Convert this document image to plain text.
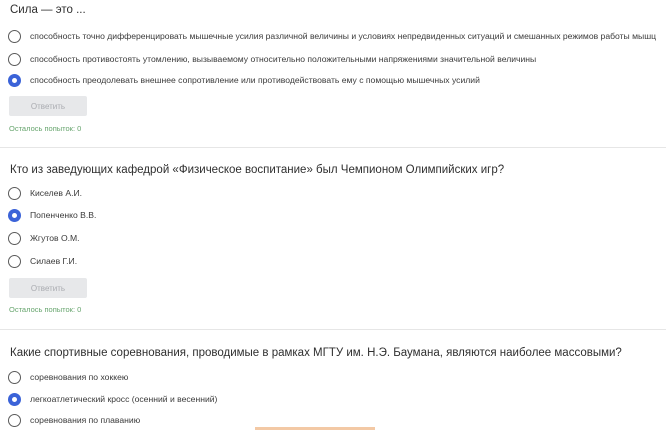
Сила — это ...
способность точно дифференцировать мышечные усилия различной величины и условиях непредвиденных ситуаций и смешанных режимов работы мышц
способность противостоять утомлению, вызываемому относительно положительными напряжениями значительной величины
способность преодолевать внешнее сопротивление или противодействовать ему с помощью мышечных усилий
Ответить
Осталось попыток: 0
Кто из заведующих кафедрой «Физическое воспитание» был Чемпионом Олимпийских игр?
Киселев А.И.
Попенченко В.В.
Жгутов О.М.
Силаев Г.И.
Ответить
Осталось попыток: 0
Какие спортивные соревнования, проводимые в рамках МГТУ им. Н.Э. Баумана, являются наиболее массовыми?
соревнования по хоккею
легкоатлетический кросс (осенний и весенний)
соревнования по плаванию
